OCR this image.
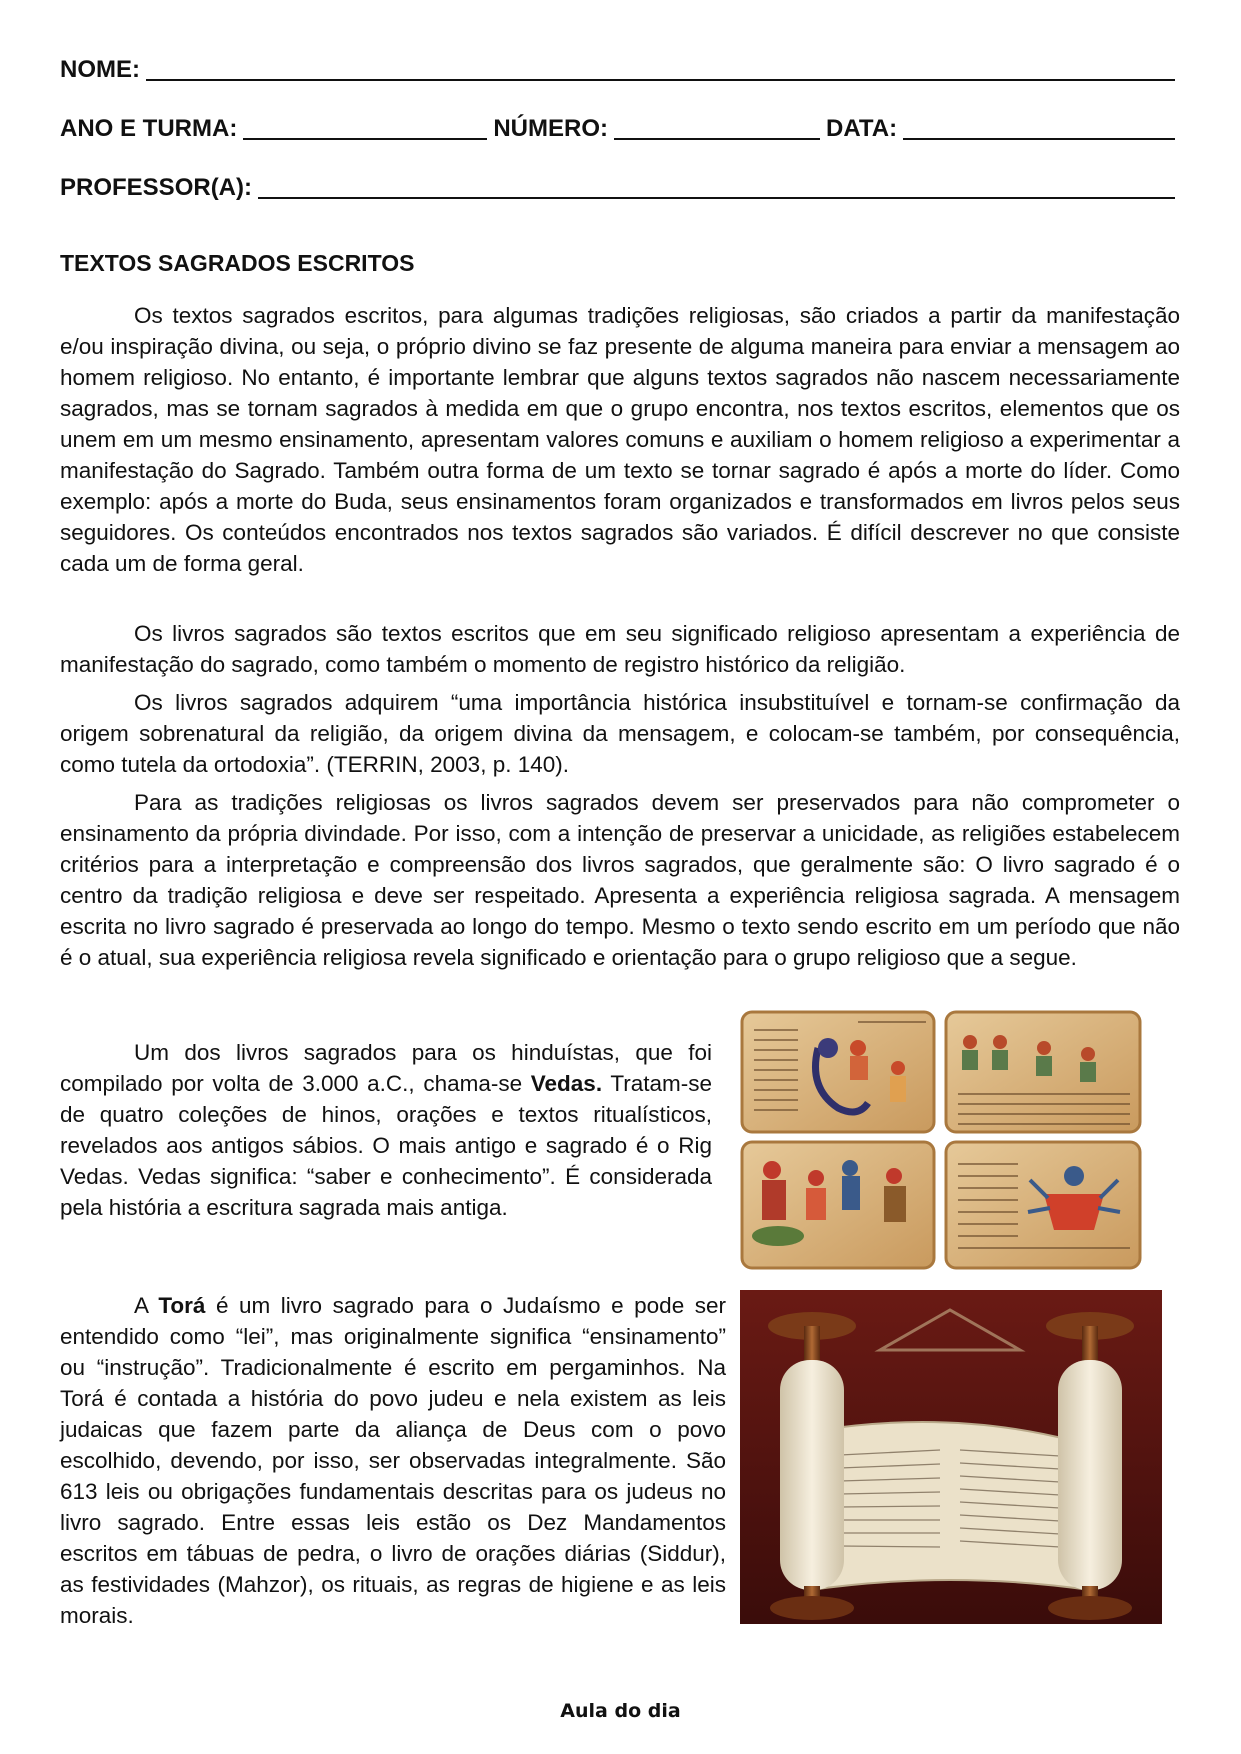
NOME:
ANO E TURMA:	NÚMERO:	DATA:
PROFESSOR(A):
TEXTOS SAGRADOS ESCRITOS

Os textos sagrados escritos, para algumas tradições religiosas, são criados a partir da manifestação e/ou inspiração divina, ou seja, o próprio divino se faz presente de alguma maneira para enviar a mensagem ao homem religioso. No entanto, é importante lembrar que alguns textos sagrados não nascem necessariamente sagrados, mas se tornam sagrados à medida em que o grupo encontra, nos textos escritos, elementos que os unem em um mesmo ensinamento, apresentam valores comuns e auxiliam o homem religioso a experimentar a manifestação do Sagrado. Também outra forma de um texto se tornar sagrado é após a morte do líder. Como exemplo: após a morte do Buda, seus ensinamentos foram organizados e transformados em livros pelos seus seguidores. Os conteúdos encontrados nos textos sagrados são variados. É difícil descrever no que consiste cada um de forma geral.

Os livros sagrados são textos escritos que em seu significado religioso apresentam a experiência de manifestação do sagrado, como também o momento de registro histórico da religião.

Os livros sagrados adquirem “uma importância histórica insubstituível e tornam-se confirmação da origem sobrenatural da religião, da origem divina da mensagem, e colocam-se também, por consequência, como tutela da ortodoxia”. (TERRIN, 2003, p. 140).

Para as tradições religiosas os livros sagrados devem ser preservados para não comprometer o ensinamento da própria divindade. Por isso, com a intenção de preservar a unicidade, as religiões estabelecem critérios para a interpretação e compreensão dos livros sagrados, que geralmente são: O livro sagrado é o centro da tradição religiosa e deve ser respeitado. Apresenta a experiência religiosa sagrada. A mensagem escrita no livro sagrado é preservada ao longo do tempo. Mesmo o texto sendo escrito em um período que não é o atual, sua experiência religiosa revela significado e orientação para o grupo religioso que a segue.

Um dos livros sagrados para os hinduístas, que foi compilado por volta de 3.000 a.C., chama-se Vedas. Tratam-se de quatro coleções de hinos, orações e textos ritualísticos, revelados aos antigos sábios. O mais antigo e sagrado é o Rig Vedas. Vedas significa: “saber e conhecimento”. É considerada pela história a escritura sagrada mais antiga.

A Torá é um livro sagrado para o Judaísmo e pode ser entendido como “lei”, mas originalmente significa “ensinamento” ou “instrução”. Tradicionalmente é escrito em pergaminhos. Na Torá é contada a história do povo judeu e nela existem as leis judaicas que fazem parte da aliança de Deus com o povo escolhido, devendo, por isso, ser observadas integralmente. São 613 leis ou obrigações fundamentais descritas para os judeus no livro sagrado. Entre essas leis estão os Dez Mandamentos escritos em tábuas de pedra, o livro de orações diárias (Siddur), as festividades (Mahzor), os rituais, as regras de higiene e as leis morais.

Aula do dia
